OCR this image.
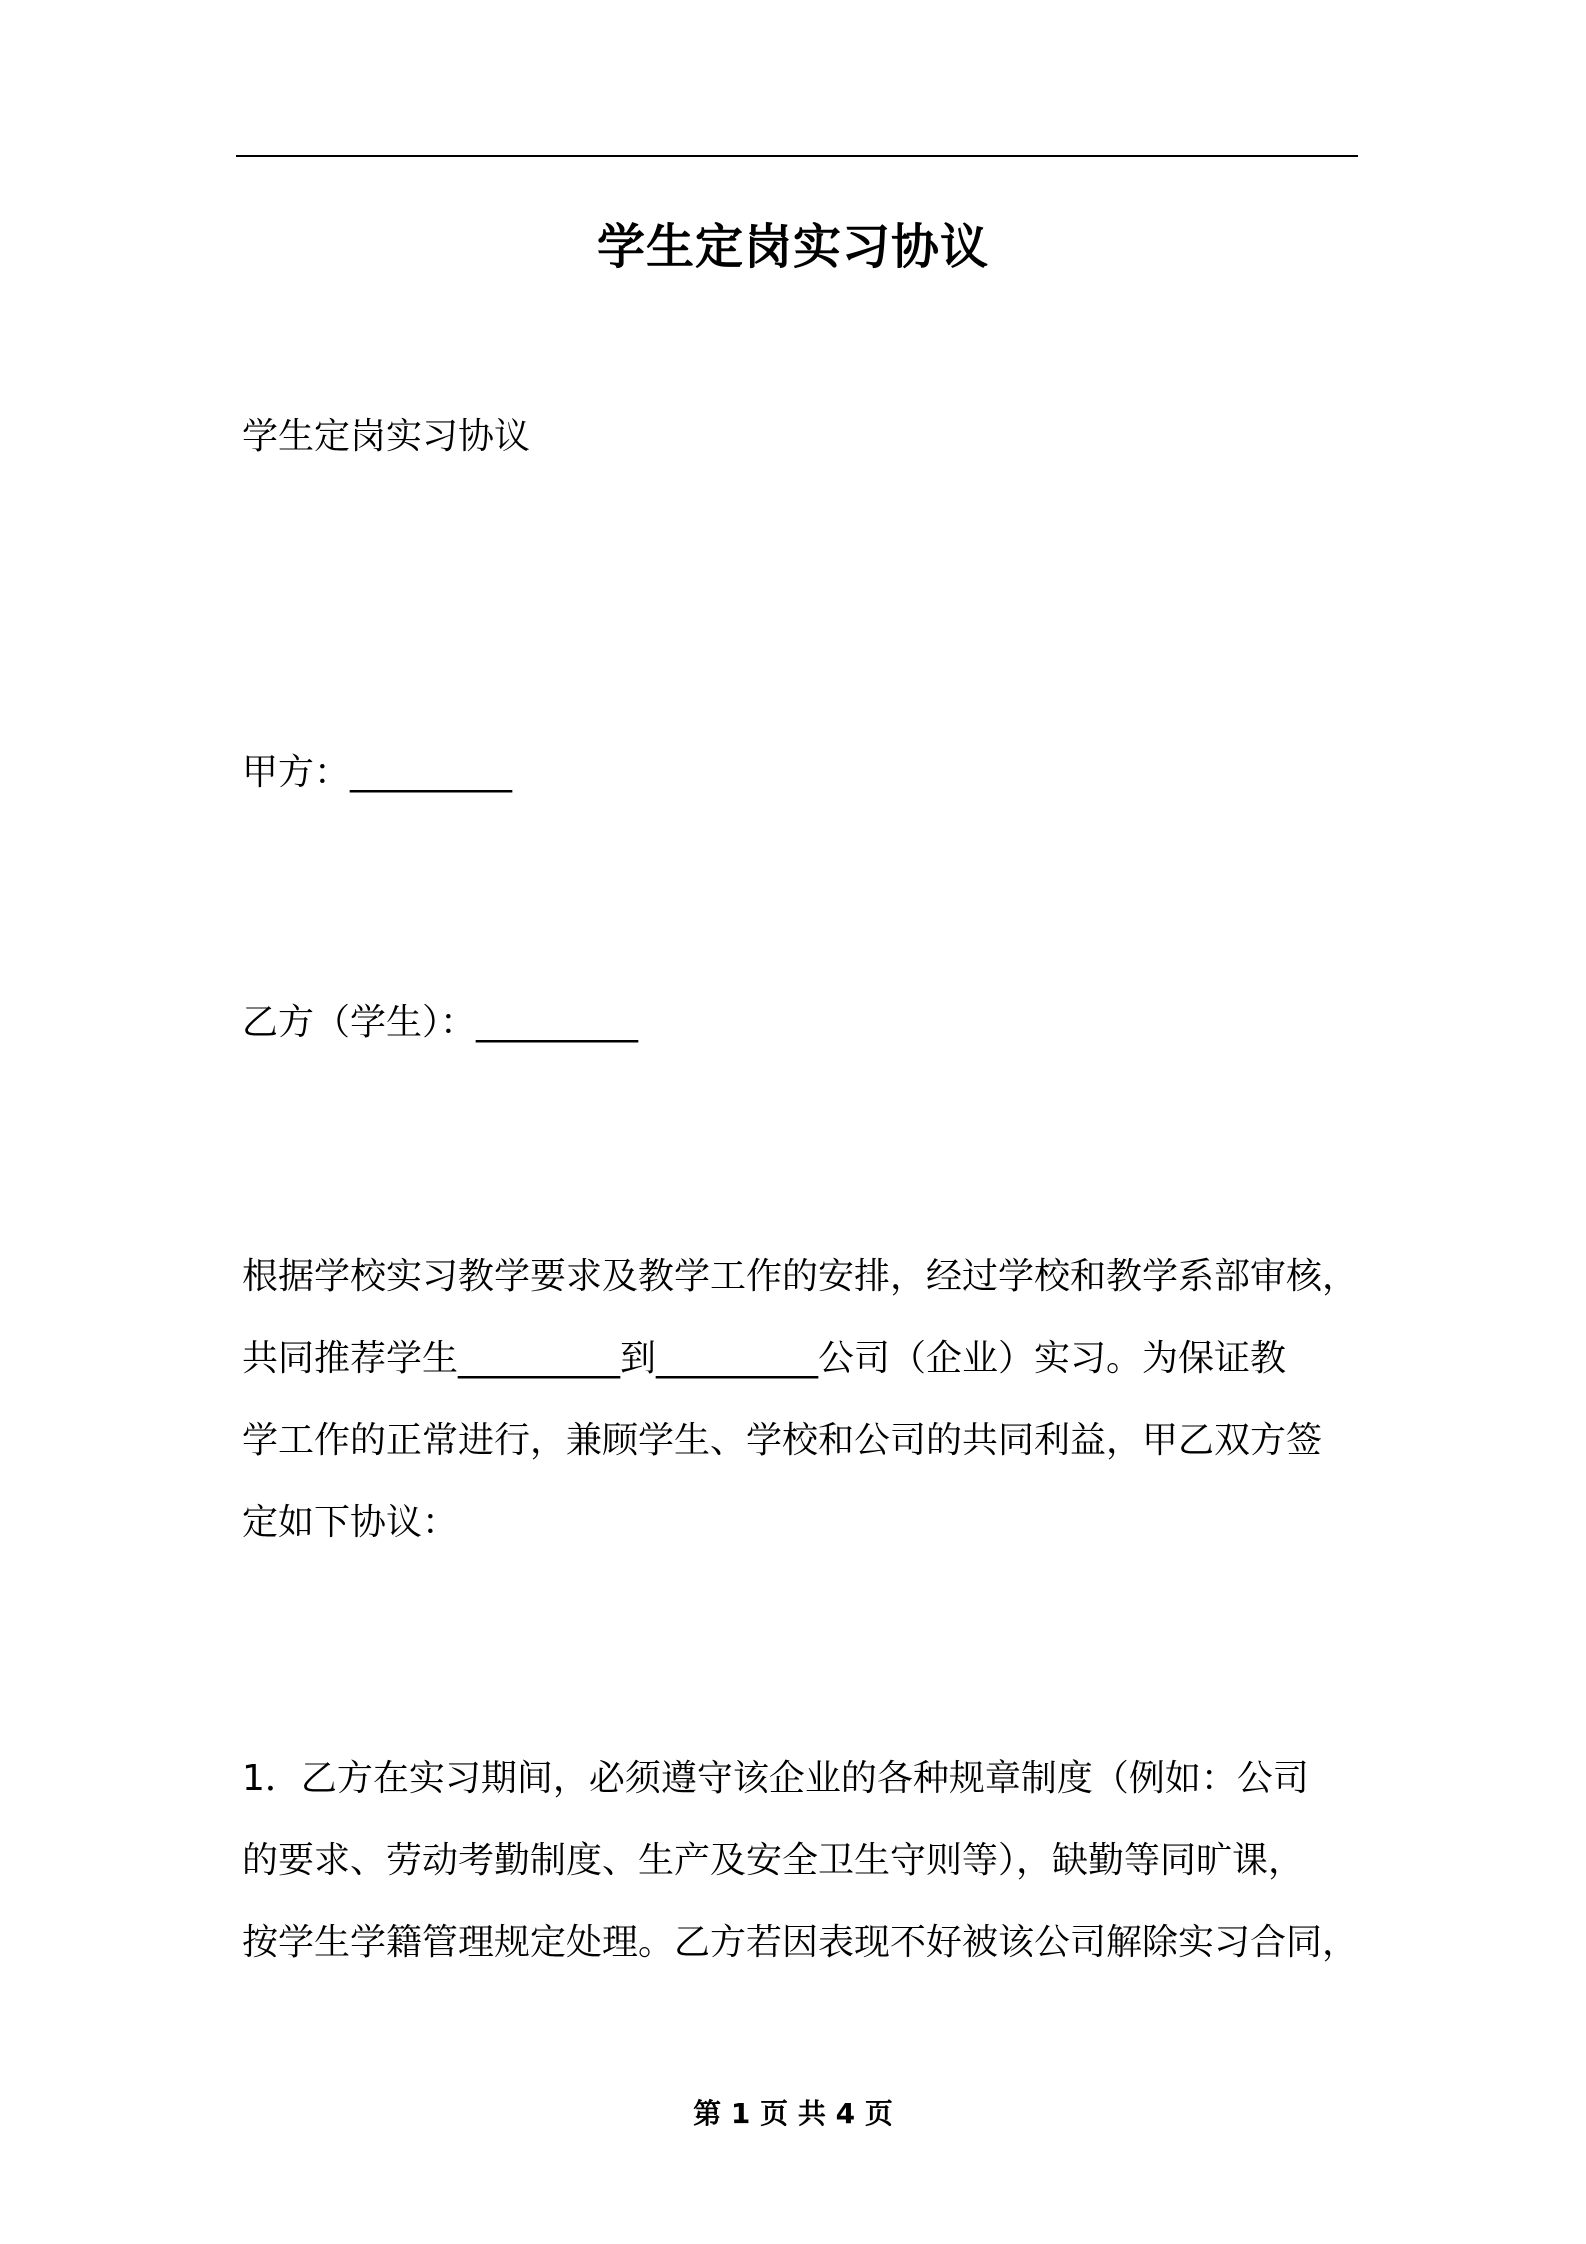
学生定岗实习协议
学生定岗实习协议
甲方：_________
乙方（学生）：_________
根据学校实习教学要求及教学工作的安排，经过学校和教学系部审核，
共同推荐学生_________到_________公司（企业）实习。为保证教
学工作的正常进行，兼顾学生、学校和公司的共同利益，甲乙双方签
定如下协议：
1．乙方在实习期间，必须遵守该企业的各种规章制度（例如：公司
的要求、劳动考勤制度、生产及安全卫生守则等），缺勤等同旷课，
按学生学籍管理规定处理。乙方若因表现不好被该公司解除实习合同，
第 1 页 共 4 页
